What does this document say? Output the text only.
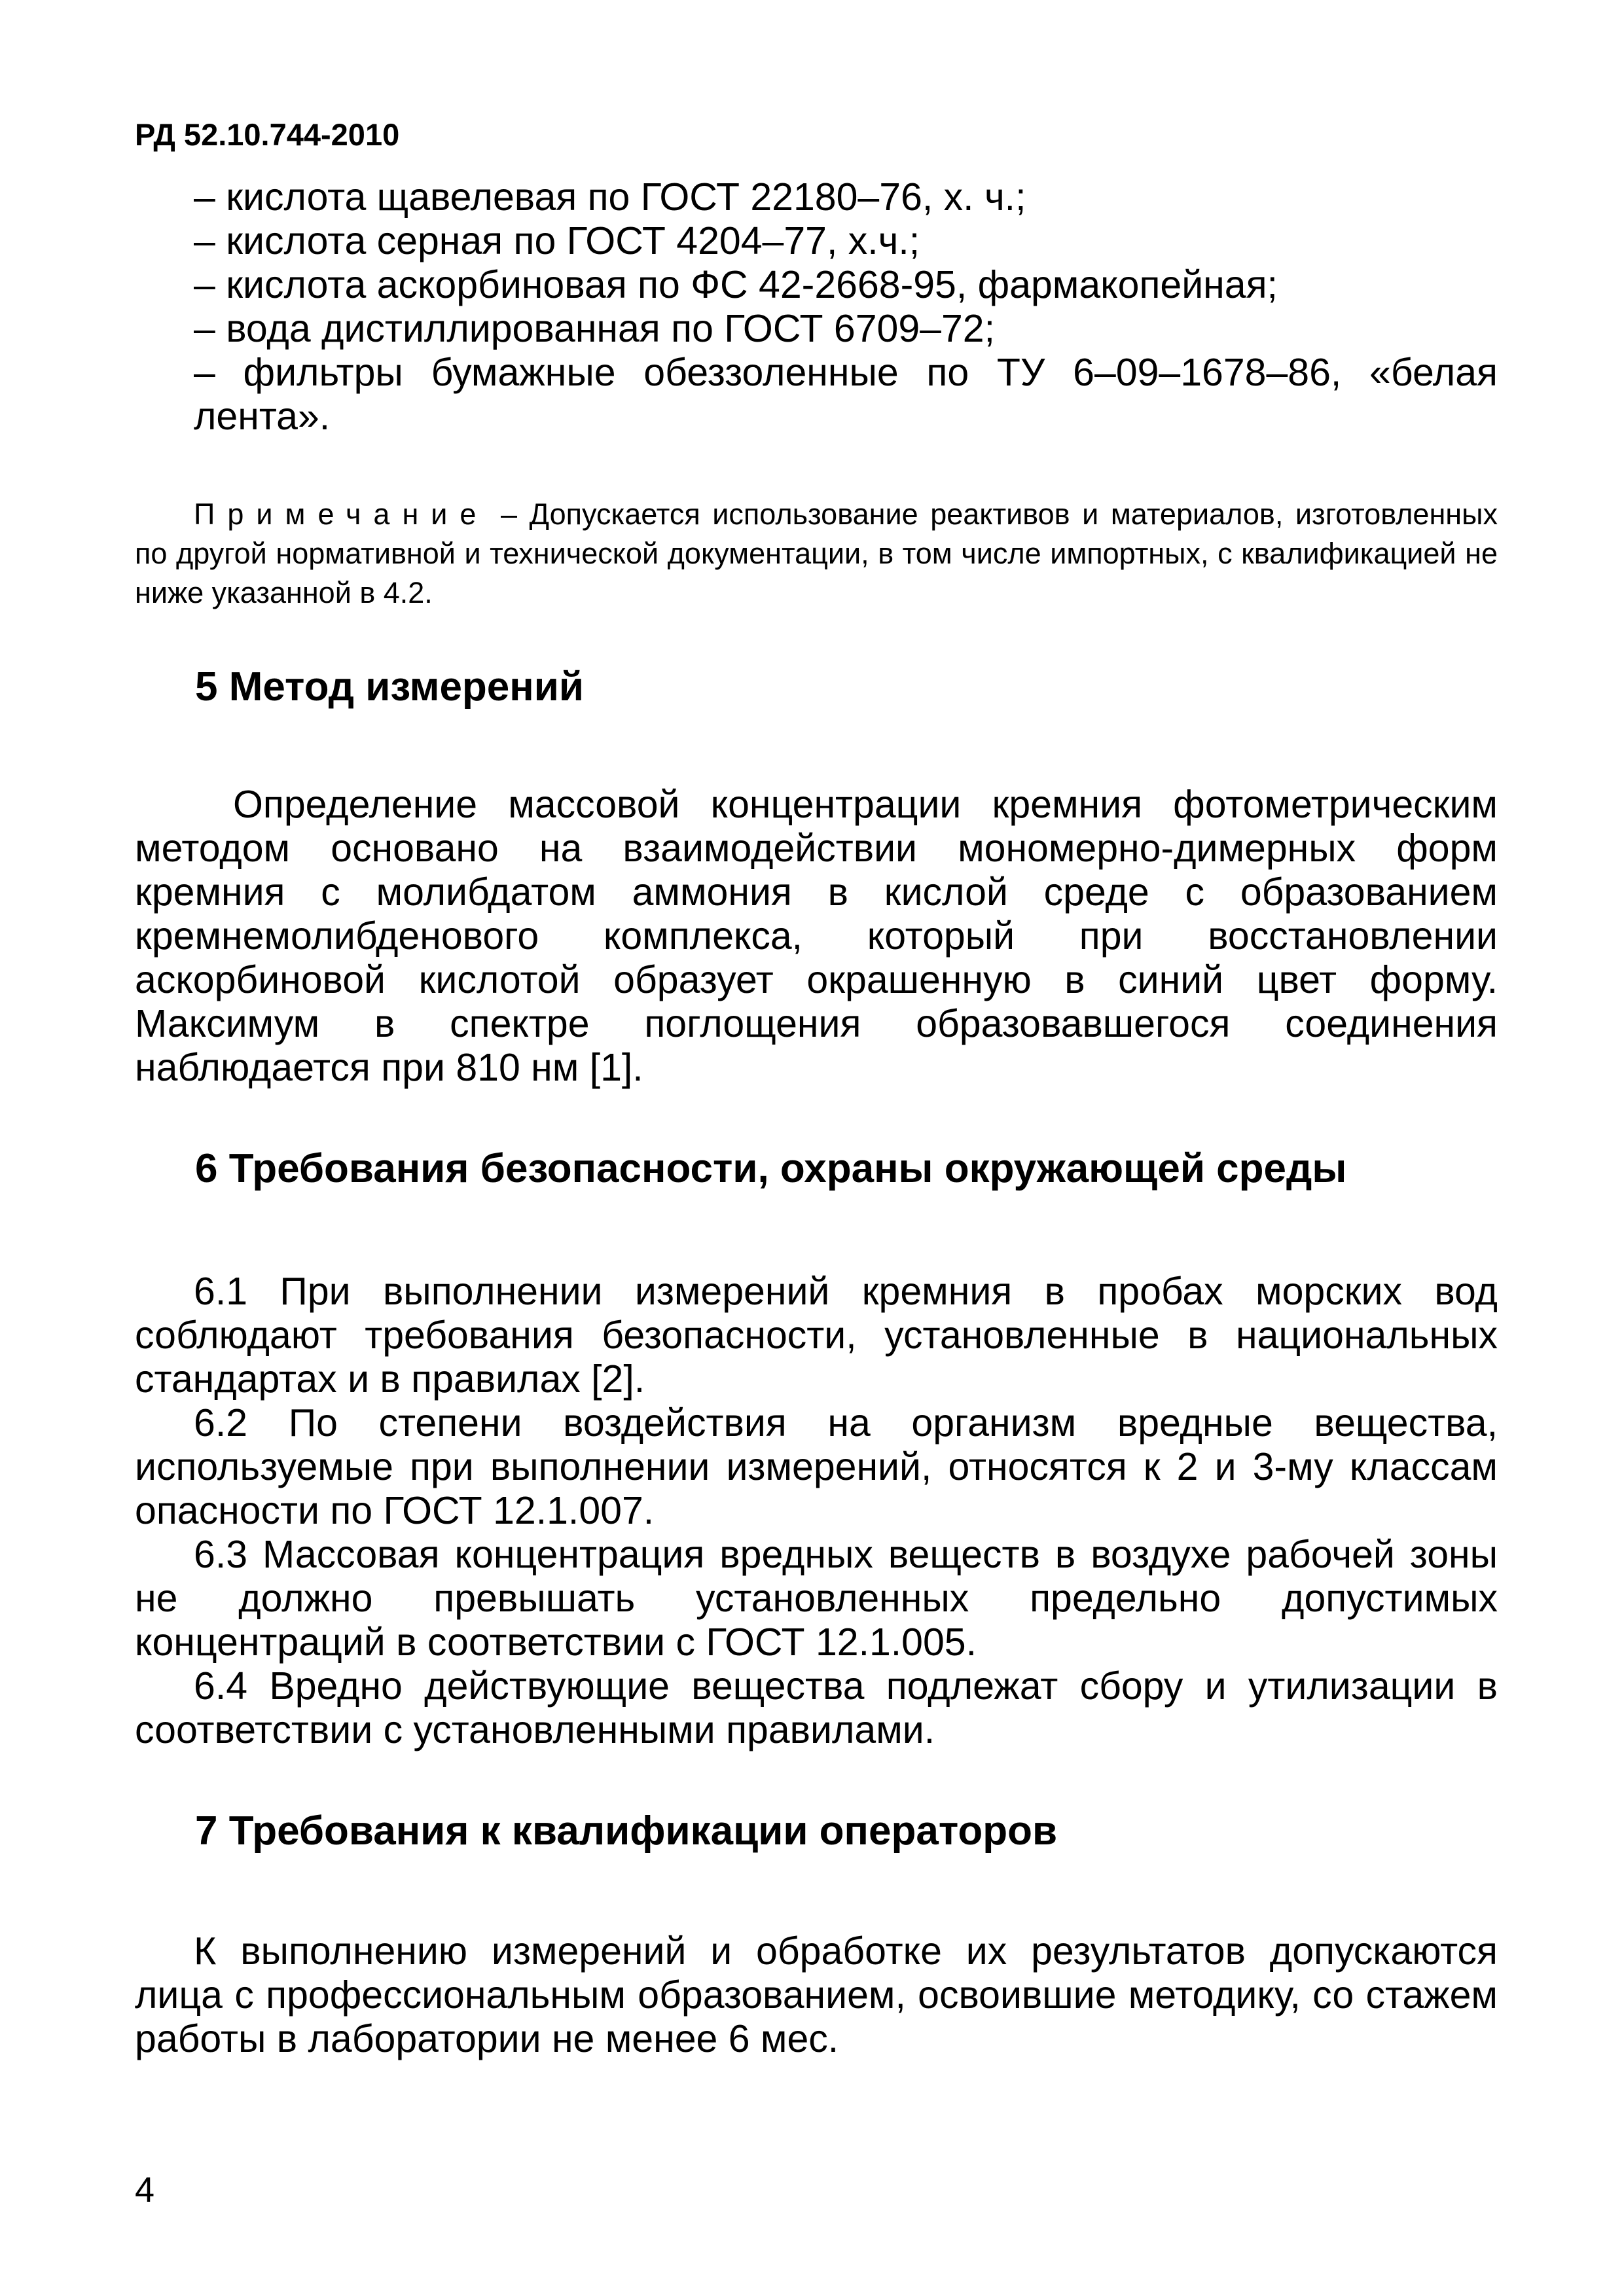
РД 52.10.744-2010

– кислота щавелевая по ГОСТ 22180–76, х. ч.;

– кислота серная по ГОСТ 4204–77, х.ч.;

– кислота аскорбиновая по ФС 42-2668-95, фармакопейная;

– вода дистиллированная по ГОСТ 6709–72;

– фильтры бумажные обеззоленные по ТУ 6–09–1678–86, «белая лента».

Примечание – Допускается использование реактивов и материалов, изготовленных по другой нормативной и технической документации, в том числе импортных, с квалификацией не ниже указанной в 4.2.

5 Метод измерений

Определение массовой концентрации кремния фотометрическим методом основано на взаимодействии мономерно-димерных форм кремния с молибдатом аммония в кислой среде с образованием кремнемолибденового комплекса, который при восстановлении аскорбиновой кислотой образует окрашенную в синий цвет форму. Максимум в спектре поглощения образовавшегося соединения наблюдается при 810 нм [1].

6 Требования безопасности, охраны окружающей среды

6.1 При выполнении измерений кремния в пробах морских вод соблюдают требования безопасности, установленные в национальных стандартах и в правилах [2].

6.2 По степени воздействия на организм вредные вещества, используемые при выполнении измерений, относятся к 2 и 3-му классам опасности по ГОСТ 12.1.007.

6.3 Массовая концентрация вредных веществ в воздухе рабочей зоны не должно превышать установленных предельно допустимых концентраций в соответствии с ГОСТ 12.1.005.

6.4 Вредно действующие вещества подлежат сбору и утилизации в соответствии с установленными правилами.

7 Требования к квалификации операторов

К выполнению измерений и обработке их результатов допускаются лица с профессиональным образованием, освоившие методику, со стажем работы в лаборатории не менее 6 мес.

4
